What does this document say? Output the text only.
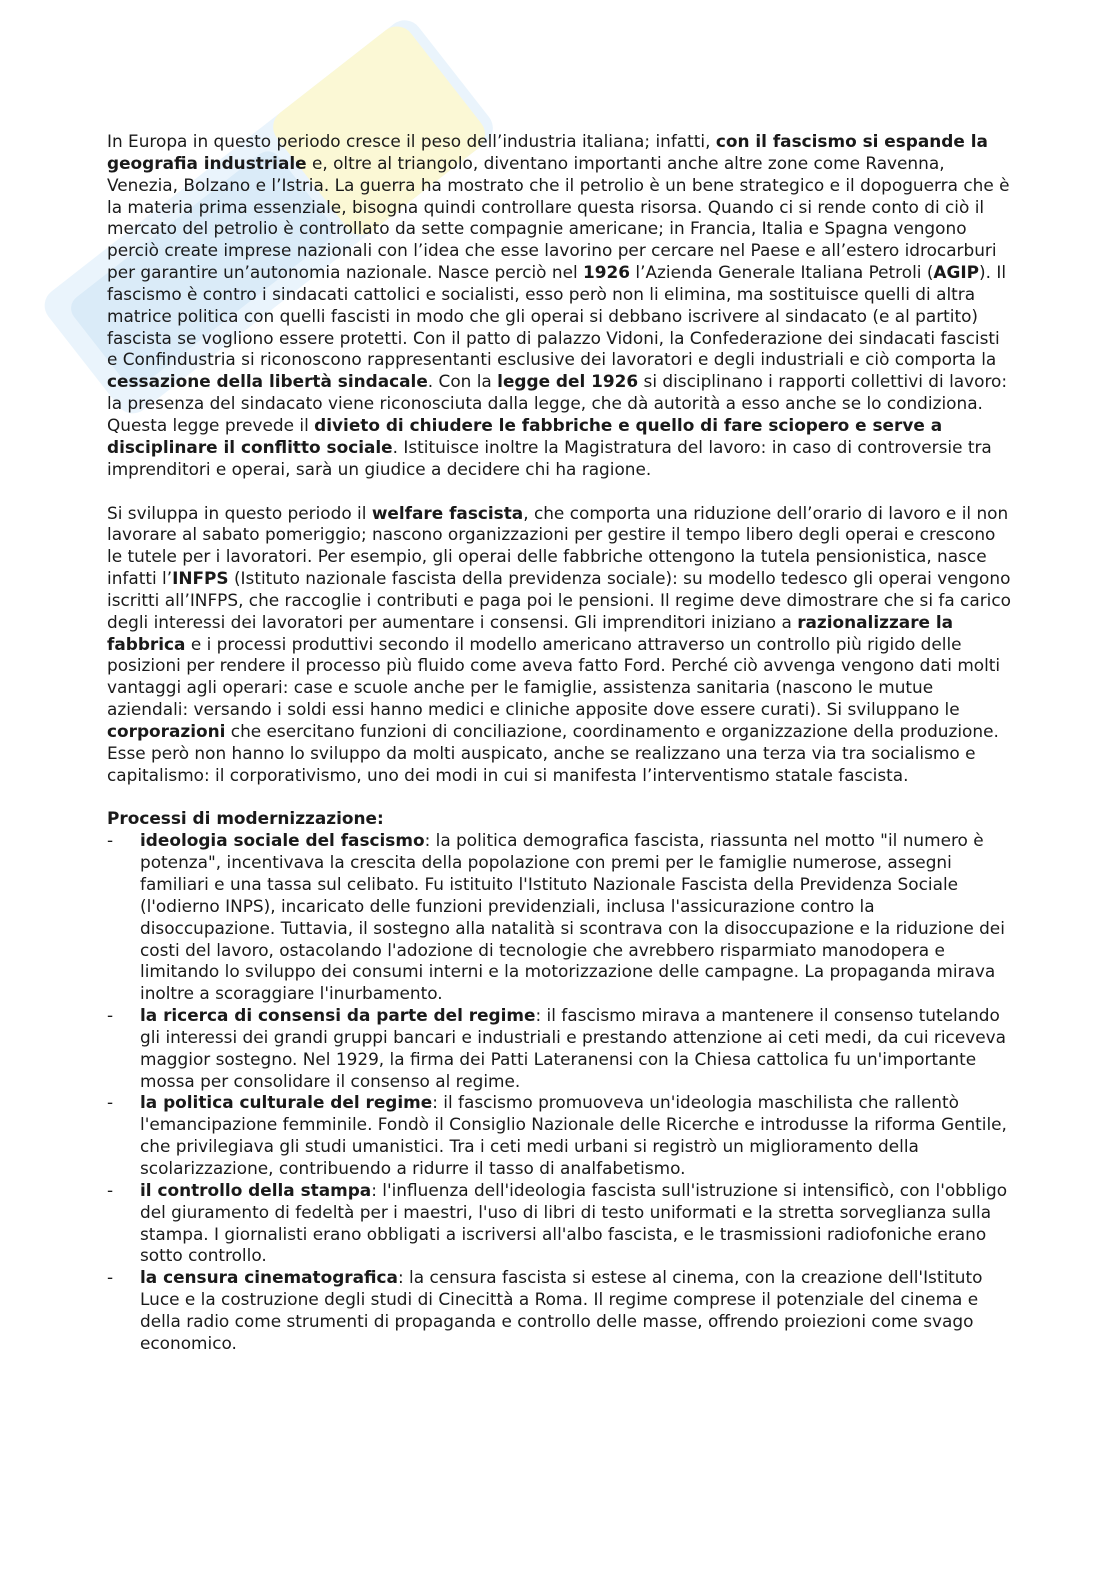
In Europa in questo periodo cresce il peso dell’industria italiana; infatti, con il fascismo si espande la geografia industriale e, oltre al triangolo, diventano importanti anche altre zone come Ravenna, Venezia, Bolzano e l’Istria. La guerra ha mostrato che il petrolio è un bene strategico e il dopoguerra che è la materia prima essenziale, bisogna quindi controllare questa risorsa. Quando ci si rende conto di ciò il mercato del petrolio è controllato da sette compagnie americane; in Francia, Italia e Spagna vengono perciò create imprese nazionali con l’idea che esse lavorino per cercare nel Paese e all’estero idrocarburi per garantire un’autonomia nazionale. Nasce perciò nel 1926 l’Azienda Generale Italiana Petroli (AGIP). Il fascismo è contro i sindacati cattolici e socialisti, esso però non li elimina, ma sostituisce quelli di altra matrice politica con quelli fascisti in modo che gli operai si debbano iscrivere al sindacato (e al partito) fascista se vogliono essere protetti. Con il patto di palazzo Vidoni, la Confederazione dei sindacati fascisti e Confindustria si riconoscono rappresentanti esclusive dei lavoratori e degli industriali e ciò comporta la cessazione della libertà sindacale. Con la legge del 1926 si disciplinano i rapporti collettivi di lavoro: la presenza del sindacato viene riconosciuta dalla legge, che dà autorità a esso anche se lo condiziona. Questa legge prevede il divieto di chiudere le fabbriche e quello di fare sciopero e serve a disciplinare il conflitto sociale. Istituisce inoltre la Magistratura del lavoro: in caso di controversie tra imprenditori e operai, sarà un giudice a decidere chi ha ragione.

Si sviluppa in questo periodo il welfare fascista, che comporta una riduzione dell’orario di lavoro e il non lavorare al sabato pomeriggio; nascono organizzazioni per gestire il tempo libero degli operai e crescono le tutele per i lavoratori. Per esempio, gli operai delle fabbriche ottengono la tutela pensionistica, nasce infatti l’INFPS (Istituto nazionale fascista della previdenza sociale): su modello tedesco gli operai vengono iscritti all’INFPS, che raccoglie i contributi e paga poi le pensioni. Il regime deve dimostrare che si fa carico degli interessi dei lavoratori per aumentare i consensi. Gli imprenditori iniziano a razionalizzare la fabbrica e i processi produttivi secondo il modello americano attraverso un controllo più rigido delle posizioni per rendere il processo più fluido come aveva fatto Ford. Perché ciò avvenga vengono dati molti vantaggi agli operari: case e scuole anche per le famiglie, assistenza sanitaria (nascono le mutue aziendali: versando i soldi essi hanno medici e cliniche apposite dove essere curati). Si sviluppano le corporazioni che esercitano funzioni di conciliazione, coordinamento e organizzazione della produzione. Esse però non hanno lo sviluppo da molti auspicato, anche se realizzano una terza via tra socialismo e capitalismo: il corporativismo, uno dei modi in cui si manifesta l’interventismo statale fascista.

Processi di modernizzazione:
- ideologia sociale del fascismo: la politica demografica fascista, riassunta nel motto "il numero è potenza", incentivava la crescita della popolazione con premi per le famiglie numerose, assegni familiari e una tassa sul celibato. Fu istituito l'Istituto Nazionale Fascista della Previdenza Sociale (l'odierno INPS), incaricato delle funzioni previdenziali, inclusa l'assicurazione contro la disoccupazione. Tuttavia, il sostegno alla natalità si scontrava con la disoccupazione e la riduzione dei costi del lavoro, ostacolando l'adozione di tecnologie che avrebbero risparmiato manodopera e limitando lo sviluppo dei consumi interni e la motorizzazione delle campagne. La propaganda mirava inoltre a scoraggiare l'inurbamento.
- la ricerca di consensi da parte del regime: il fascismo mirava a mantenere il consenso tutelando gli interessi dei grandi gruppi bancari e industriali e prestando attenzione ai ceti medi, da cui riceveva maggior sostegno. Nel 1929, la firma dei Patti Lateranensi con la Chiesa cattolica fu un'importante mossa per consolidare il consenso al regime.
- la politica culturale del regime: il fascismo promuoveva un'ideologia maschilista che rallentò l'emancipazione femminile. Fondò il Consiglio Nazionale delle Ricerche e introdusse la riforma Gentile, che privilegiava gli studi umanistici. Tra i ceti medi urbani si registrò un miglioramento della scolarizzazione, contribuendo a ridurre il tasso di analfabetismo.
- il controllo della stampa: l'influenza dell'ideologia fascista sull'istruzione si intensificò, con l'obbligo del giuramento di fedeltà per i maestri, l'uso di libri di testo uniformati e la stretta sorveglianza sulla stampa. I giornalisti erano obbligati a iscriversi all'albo fascista, e le trasmissioni radiofoniche erano sotto controllo.
- la censura cinematografica: la censura fascista si estese al cinema, con la creazione dell'Istituto Luce e la costruzione degli studi di Cinecittà a Roma. Il regime comprese il potenziale del cinema e della radio come strumenti di propaganda e controllo delle masse, offrendo proiezioni come svago economico.
